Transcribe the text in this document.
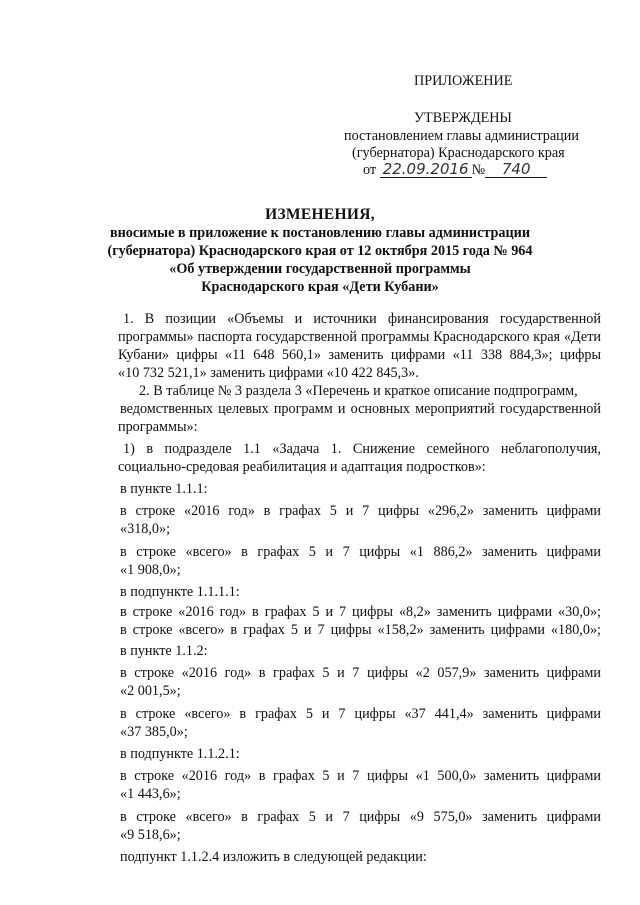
ПРИЛОЖЕНИЕ
УТВЕРЖДЕНЫ
постановлением главы администрации
(губернатора) Краснодарского края
от 22.09.2016 № 740
ИЗМЕНЕНИЯ,
вносимые в приложение к постановлению главы администрации
(губернатора) Краснодарского края от 12 октября 2015 года № 964
«Об утверждении государственной программы
Краснодарского края «Дети Кубани»
1. В позиции «Объемы и источники финансирования государственной
программы» паспорта государственной программы Краснодарского края «Дети
Кубани» цифры «11 648 560,1» заменить цифрами «11 338 884,3»; цифры
«10 732 521,1» заменить цифрами «10 422 845,3».
2. В таблице № 3 раздела 3 «Перечень и краткое описание подпрограмм,
ведомственных целевых программ и основных мероприятий государственной
программы»:
1) в подразделе 1.1 «Задача 1. Снижение семейного неблагополучия,
социально-средовая реабилитация и адаптация подростков»:
в пункте 1.1.1:
в строке «2016 год» в графах 5 и 7 цифры «296,2» заменить цифрами
«318,0»;
в строке «всего» в графах 5 и 7 цифры «1 886,2» заменить цифрами
«1 908,0»;
в подпункте 1.1.1.1:
в строке «2016 год» в графах 5 и 7 цифры «8,2» заменить цифрами «30,0»;
в строке «всего» в графах 5 и 7 цифры «158,2» заменить цифрами «180,0»;
в пункте 1.1.2:
в строке «2016 год» в графах 5 и 7 цифры «2 057,9» заменить цифрами
«2 001,5»;
в строке «всего» в графах 5 и 7 цифры «37 441,4» заменить цифрами
«37 385,0»;
в подпункте 1.1.2.1:
в строке «2016 год» в графах 5 и 7 цифры «1 500,0» заменить цифрами
«1 443,6»;
в строке «всего» в графах 5 и 7 цифры «9 575,0» заменить цифрами
«9 518,6»;
подпункт 1.1.2.4 изложить в следующей редакции:
